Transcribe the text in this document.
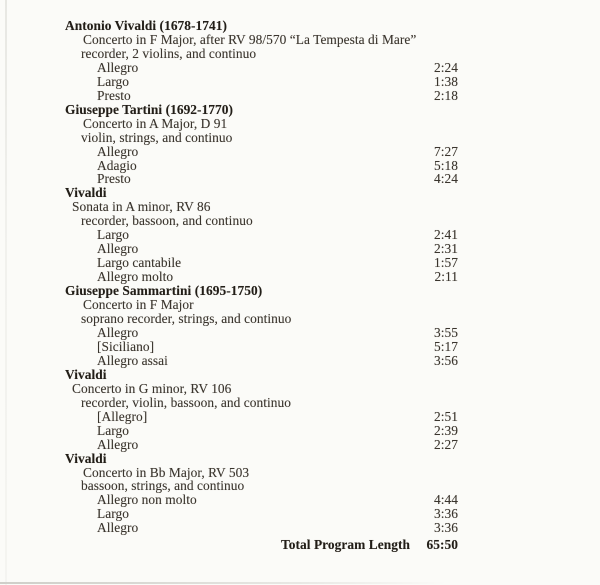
Antonio Vivaldi (1678-1741)
Concerto in F Major, after RV 98/570 “La Tempesta di Mare”
recorder, 2 violins, and continuo
Allegro	2:24
Largo	1:38
Presto	2:18
Giuseppe Tartini (1692-1770)
Concerto in A Major, D 91
violin, strings, and continuo
Allegro	7:27
Adagio	5:18
Presto	4:24
Vivaldi
Sonata in A minor, RV 86
recorder, bassoon, and continuo
Largo	2:41
Allegro	2:31
Largo cantabile	1:57
Allegro molto	2:11
Giuseppe Sammartini (1695-1750)
Concerto in F Major
soprano recorder, strings, and continuo
Allegro	3:55
[Siciliano]	5:17
Allegro assai	3:56
Vivaldi
Concerto in G minor, RV 106
recorder, violin, bassoon, and continuo
[Allegro]	2:51
Largo	2:39
Allegro	2:27
Vivaldi
Concerto in Bb Major, RV 503
bassoon, strings, and continuo
Allegro non molto	4:44
Largo	3:36
Allegro	3:36
Total Program Length	65:50
